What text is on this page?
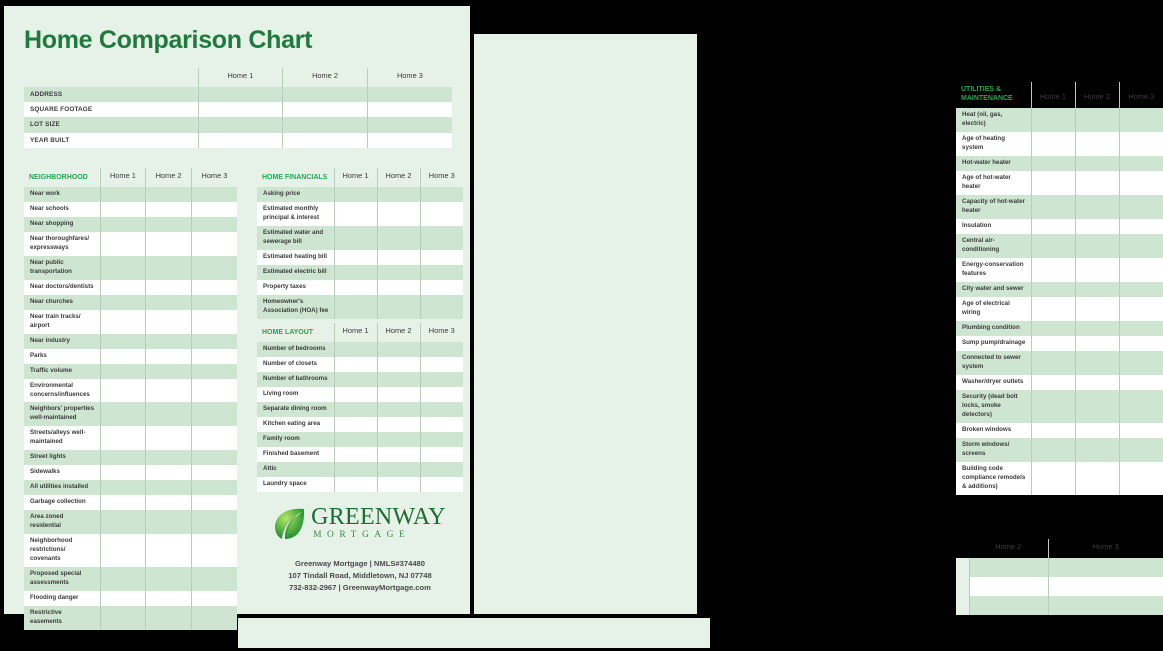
Home Comparison Chart
	Home 1	Home 2	Home 3
ADDRESS			
SQUARE FOOTAGE			
LOT SIZE			
YEAR BUILT			
NEIGHBORHOOD	Home 1	Home 2	Home 3
Near work			
Near schools			
Near shopping			
Near thoroughfares/ expressways			
Near public transportation			
Near doctors/dentists			
Near churches			
Near train tracks/ airport			
Near industry			
Parks			
Traffic volume			
Environmental concerns/influences			
Neighbors' properties well-maintained			
Streets/alleys well-maintained			
Street lights			
Sidewalks			
All utilities installed			
Garbage collection			
Area zoned residential			
Neighborhood restrictions/ covenants			
Proposed special assessments			
Flooding danger			
Restrictive easements			
HOME FINANCIALS	Home 1	Home 2	Home 3
Asking price			
Estimated monthly principal & interest			
Estimated water and sewerage bill			
Estimated heating bill			
Estimated electric bill			
Property taxes			
Homeowner's Association (HOA) fee			
HOME LAYOUT	Home 1	Home 2	Home 3
Number of bedrooms			
Number of closets			
Number of bathrooms			
Living room			
Separate dining room			
Kitchen eating area			
Family room			
Finished basement			
Attic			
Laundry space			
GREENWAY
MORTGAGE
Greenway Mortgage | NMLS#374480
107 Tindall Road, Middletown, NJ 07748
732-832-2967 | GreenwayMortgage.com
UTILITIES & MAINTENANCE	Home 1	Home 2	Home 3
Heat (oil, gas, electric)			
Age of heating system			
Hot-water heater			
Age of hot-water heater			
Capacity of hot-water heater			
Insulation			
Central air-conditioning			
Energy-conservation features			
City water and sewer			
Age of electrical wiring			
Plumbing condition			
Sump pump/drainage			
Connected to sewer system			
Washer/dryer outlets			
Security (dead bolt locks, smoke detectors)			
Broken windows			
Storm windows/ screens			
Building code compliance remodels & additions)			
	Home 2	Home 3
